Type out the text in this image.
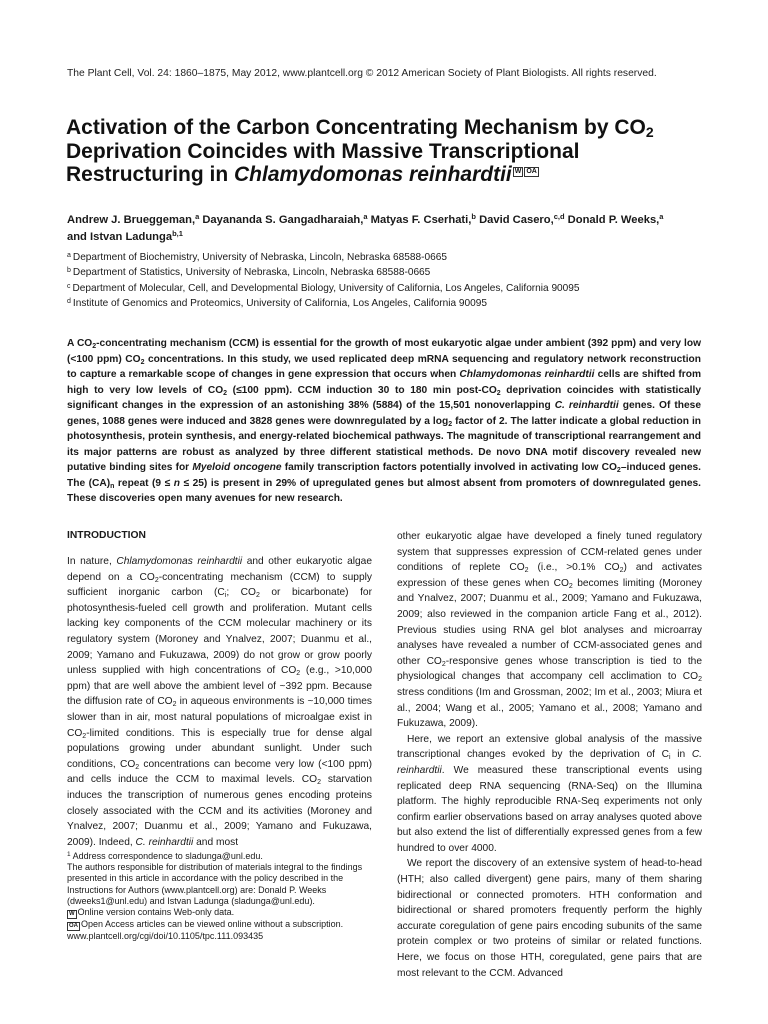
The Plant Cell, Vol. 24: 1860–1875, May 2012, www.plantcell.org © 2012 American Society of Plant Biologists. All rights reserved.
Activation of the Carbon Concentrating Mechanism by $CO_2$
Deprivation Coincides with Massive Transcriptional
Restructuring in Chlamydomonas reinhardtii W OA
Andrew J. Brueggeman,$^a$ Dayananda S. Gangadharaiah,$^a$ Matyas F. Cserhati,$^b$ David Casero,$^{c,d}$ Donald P. Weeks,$^a$
and Istvan Ladunga$^{b,1}$
$^a$ Department of Biochemistry, University of Nebraska, Lincoln, Nebraska 68588-0665
$^b$ Department of Statistics, University of Nebraska, Lincoln, Nebraska 68588-0665
$^c$ Department of Molecular, Cell, and Developmental Biology, University of California, Los Angeles, California 90095
$^d$ Institute of Genomics and Proteomics, University of California, Los Angeles, California 90095

A $CO_2$-concentrating mechanism (CCM) is essential for the growth of most eukaryotic algae under ambient (392 ppm) and very low (<100 ppm) $CO_2$ concentrations. In this study, we used replicated deep mRNA sequencing and regulatory network reconstruction to capture a remarkable scope of changes in gene expression that occurs when Chlamydomonas reinhardtii cells are shifted from high to very low levels of $CO_2$ (≤100 ppm). CCM induction 30 to 180 min post-$CO_2$ deprivation coincides with statistically significant changes in the expression of an astonishing 38% (5884) of the 15,501 nonoverlapping C. reinhardtii genes. Of these genes, 1088 genes were induced and 3828 genes were downregulated by a $\log_2$ factor of 2. The latter indicate a global reduction in photosynthesis, protein synthesis, and energy-related biochemical pathways. The magnitude of transcriptional rearrangement and its major patterns are robust as analyzed by three different statistical methods. De novo DNA motif discovery revealed new putative binding sites for Myeloid oncogene family transcription factors potentially involved in activating low $CO_2$–induced genes. The $(CA)_n$ repeat (9 ≤ n ≤ 25) is present in 29% of upregulated genes but almost absent from promoters of downregulated genes. These discoveries open many avenues for new research.

INTRODUCTION

In nature, Chlamydomonas reinhardtii and other eukaryotic algae depend on a $CO_2$-concentrating mechanism (CCM) to supply sufficient inorganic carbon ($C_i$; $CO_2$ or bicarbonate) for photosynthesis-fueled cell growth and proliferation. Mutant cells lacking key components of the CCM molecular machinery or its regulatory system (Moroney and Ynalvez, 2007; Duanmu et al., 2009; Yamano and Fukuzawa, 2009) do not grow or grow poorly unless supplied with high concentrations of $CO_2$ (e.g., >10,000 ppm) that are well above the ambient level of ~392 ppm. Because the diffusion rate of $CO_2$ in aqueous environments is ~10,000 times slower than in air, most natural populations of microalgae exist in $CO_2$-limited conditions. This is especially true for dense algal populations growing under abundant sunlight. Under such conditions, $CO_2$ concentrations can become very low (<100 ppm) and cells induce the CCM to maximal levels. $CO_2$ starvation induces the transcription of numerous genes encoding proteins closely associated with the CCM and its activities (Moroney and Ynalvez, 2007; Duanmu et al., 2009; Yamano and Fukuzawa, 2009). Indeed, C. reinhardtii and most

$^1$ Address correspondence to sladunga@unl.edu.

The authors responsible for distribution of materials integral to the findings presented in this article in accordance with the policy described in the Instructions for Authors (www.plantcell.org) are: Donald P. Weeks (dweeks1@unl.edu) and Istvan Ladunga (sladunga@unl.edu).

W Online version contains Web-only data.

OA Open Access articles can be viewed online without a subscription.

www.plantcell.org/cgi/doi/10.1105/tpc.111.093435

other eukaryotic algae have developed a finely tuned regulatory system that suppresses expression of CCM-related genes under conditions of replete $CO_2$ (i.e., >0.1% $CO_2$) and activates expression of these genes when $CO_2$ becomes limiting (Moroney and Ynalvez, 2007; Duanmu et al., 2009; Yamano and Fukuzawa, 2009; also reviewed in the companion article Fang et al., 2012). Previous studies using RNA gel blot analyses and microarray analyses have revealed a number of CCM-associated genes and other $CO_2$-responsive genes whose transcription is tied to the physiological changes that accompany cell acclimation to $CO_2$ stress conditions (Im and Grossman, 2002; Im et al., 2003; Miura et al., 2004; Wang et al., 2005; Yamano et al., 2008; Yamano and Fukuzawa, 2009).

Here, we report an extensive global analysis of the massive transcriptional changes evoked by the deprivation of $C_i$ in C. reinhardtii. We measured these transcriptional events using replicated deep RNA sequencing (RNA-Seq) on the Illumina platform. The highly reproducible RNA-Seq experiments not only confirm earlier observations based on array analyses quoted above but also extend the list of differentially expressed genes from a few hundred to over 4000.

We report the discovery of an extensive system of head-to-head (HTH; also called divergent) gene pairs, many of them sharing bidirectional or connected promoters. HTH conformation and bidirectional or shared promoters frequently perform the highly accurate coregulation of gene pairs encoding subunits of the same protein complex or two proteins of similar or related functions. Here, we focus on those HTH, coregulated, gene pairs that are most relevant to the CCM. Advanced
